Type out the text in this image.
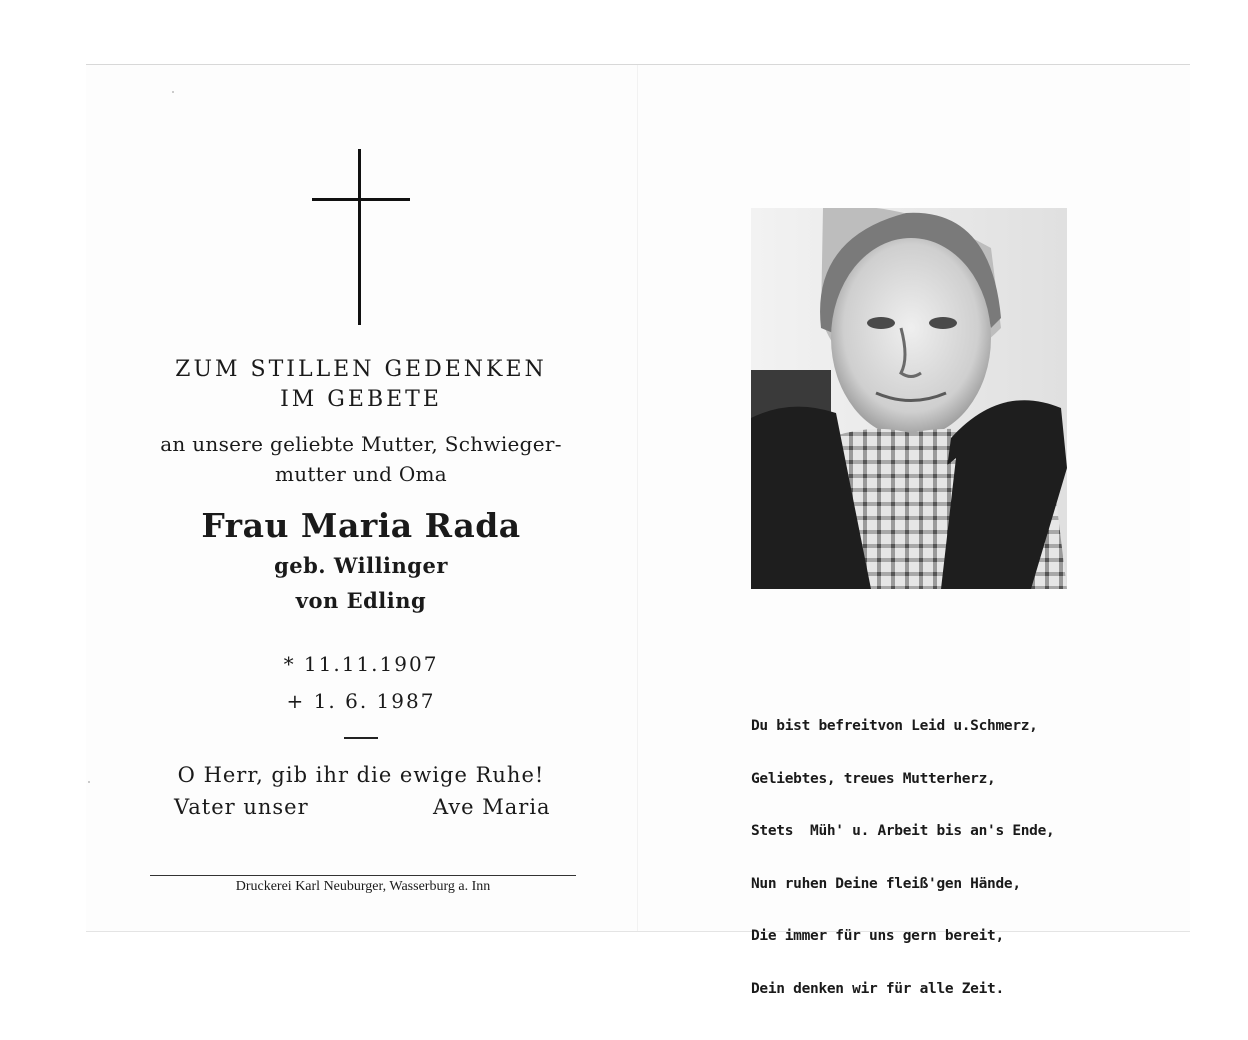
ZUM STILLEN GEDENKEN
IM GEBETE
an unsere geliebte Mutter, Schwieger-
mutter und Oma
Frau Maria Rada
geb. Willinger
von Edling
* 11.11.1907
+ 1. 6. 1987
O Herr, gib ihr die ewige Ruhe!
Vater unser	Ave Maria
Druckerei Karl Neuburger, Wasserburg a. Inn

Du bist befreitvon Leid u.Schmerz,

Geliebtes, treues Mutterherz,

Stets  Müh' u. Arbeit bis an's Ende,

Nun ruhen Deine fleiß'gen Hände,

Die immer für uns gern bereit,

Dein denken wir für alle Zeit.
